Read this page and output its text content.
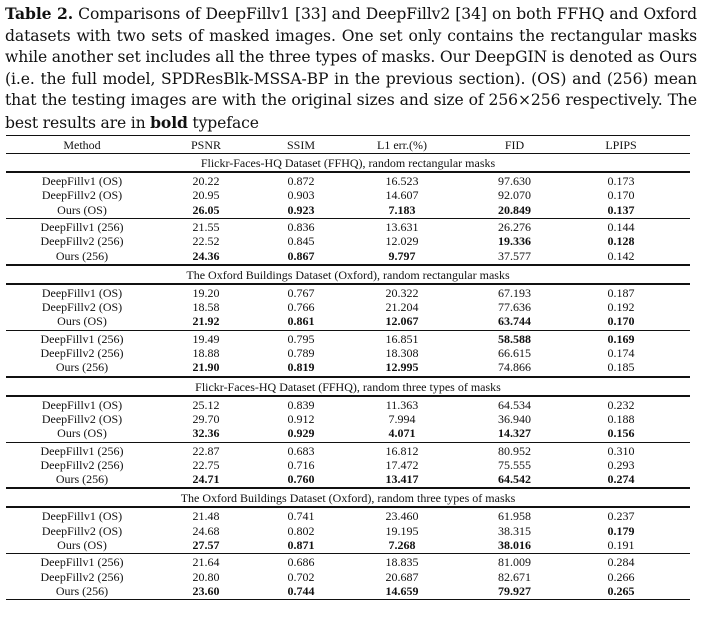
Table 2. Comparisons of DeepFillv1 [33] and DeepFillv2 [34] on both FFHQ and Oxford datasets with two sets of masked images. One set only contains the rectangular masks while another set includes all the three types of masks. Our DeepGIN is denoted as Ours (i.e. the full model, SPDResBlk-MSSA-BP in the previous section). (OS) and (256) mean that the testing images are with the original sizes and size of 256×256 respectively. The best results are in bold typeface
Method	PSNR	SSIM	L1 err.(%)	FID	LPIPS
Flickr-Faces-HQ Dataset (FFHQ), random rectangular masks
DeepFillv1 (OS)	20.22	0.872	16.523	97.630	0.173
DeepFillv2 (OS)	20.95	0.903	14.607	92.070	0.170
Ours (OS)	26.05	0.923	7.183	20.849	0.137
DeepFillv1 (256)	21.55	0.836	13.631	26.276	0.144
DeepFillv2 (256)	22.52	0.845	12.029	19.336	0.128
Ours (256)	24.36	0.867	9.797	37.577	0.142
The Oxford Buildings Dataset (Oxford), random rectangular masks
DeepFillv1 (OS)	19.20	0.767	20.322	67.193	0.187
DeepFillv2 (OS)	18.58	0.766	21.204	77.636	0.192
Ours (OS)	21.92	0.861	12.067	63.744	0.170
DeepFillv1 (256)	19.49	0.795	16.851	58.588	0.169
DeepFillv2 (256)	18.88	0.789	18.308	66.615	0.174
Ours (256)	21.90	0.819	12.995	74.866	0.185
Flickr-Faces-HQ Dataset (FFHQ), random three types of masks
DeepFillv1 (OS)	25.12	0.839	11.363	64.534	0.232
DeepFillv2 (OS)	29.70	0.912	7.994	36.940	0.188
Ours (OS)	32.36	0.929	4.071	14.327	0.156
DeepFillv1 (256)	22.87	0.683	16.812	80.952	0.310
DeepFillv2 (256)	22.75	0.716	17.472	75.555	0.293
Ours (256)	24.71	0.760	13.417	64.542	0.274
The Oxford Buildings Dataset (Oxford), random three types of masks
DeepFillv1 (OS)	21.48	0.741	23.460	61.958	0.237
DeepFillv2 (OS)	24.68	0.802	19.195	38.315	0.179
Ours (OS)	27.57	0.871	7.268	38.016	0.191
DeepFillv1 (256)	21.64	0.686	18.835	81.009	0.284
DeepFillv2 (256)	20.80	0.702	20.687	82.671	0.266
Ours (256)	23.60	0.744	14.659	79.927	0.265
